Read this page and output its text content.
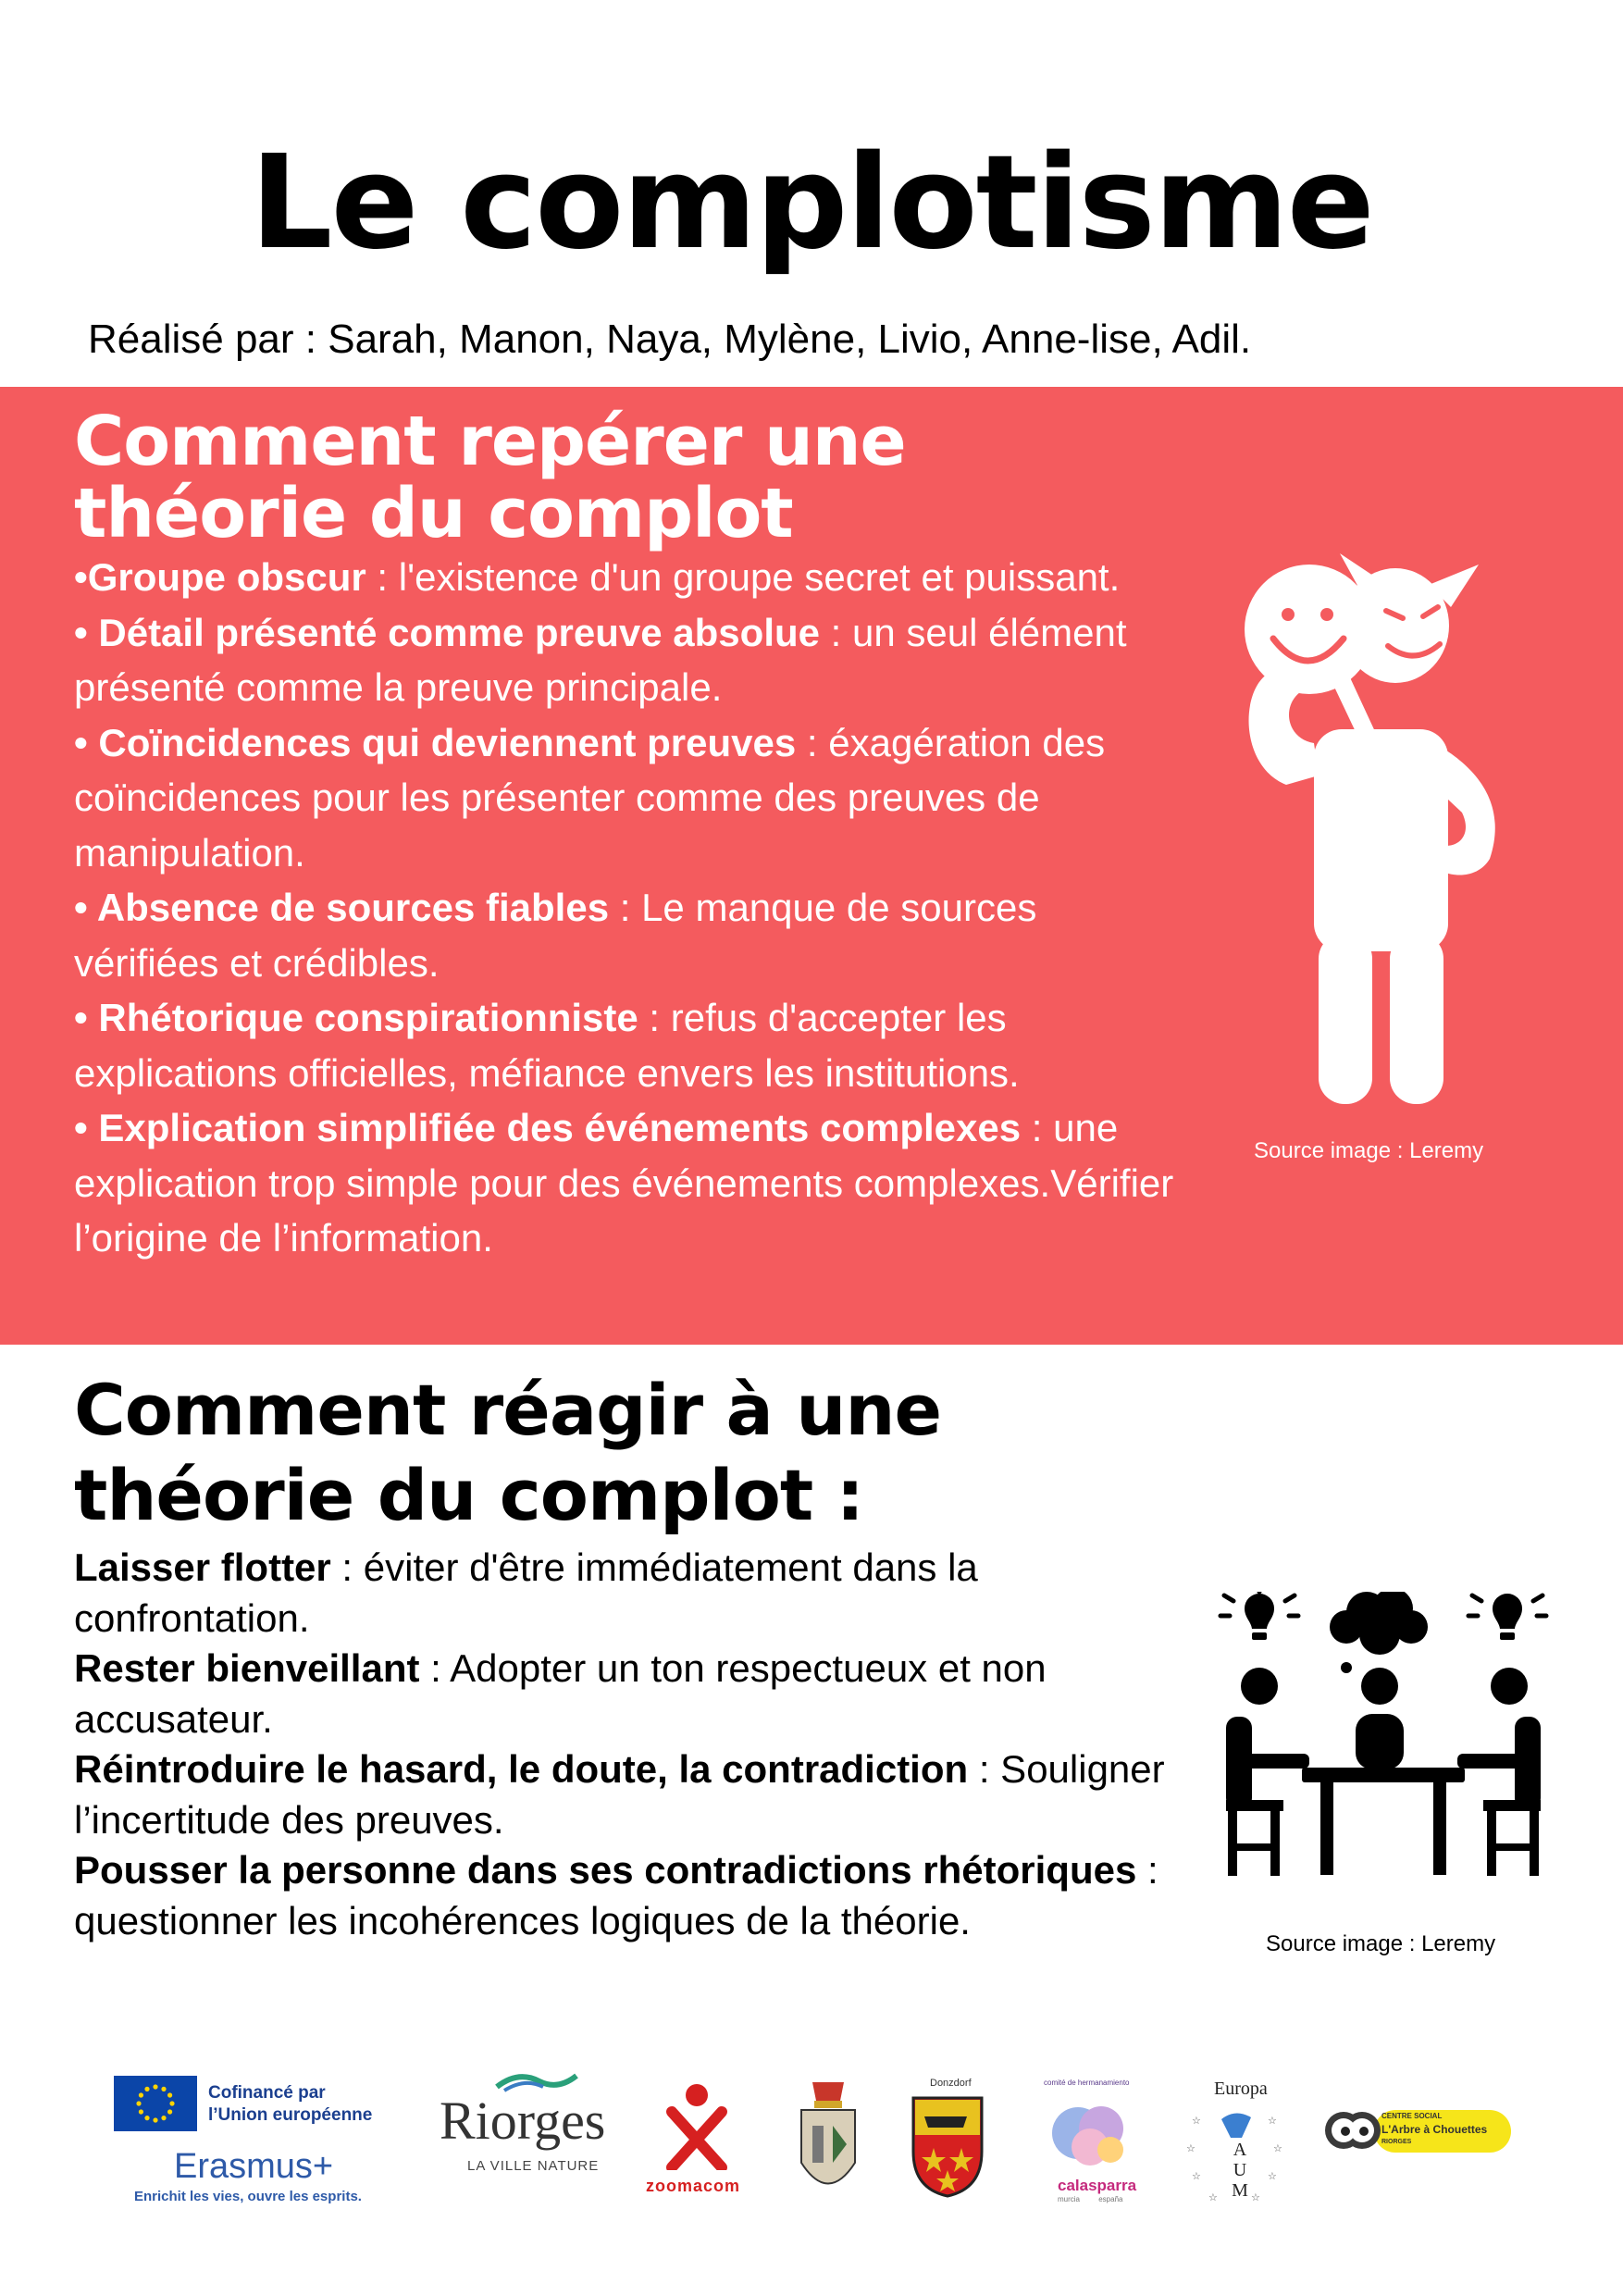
Le complotisme
Réalisé par : Sarah, Manon, Naya, Mylène, Livio, Anne-lise, Adil.
Comment repérer une
théorie du complot

•Groupe obscur : l'existence d'un groupe secret et puissant.

• Détail présenté comme preuve absolue : un seul élément présenté comme la preuve principale.

• Coïncidences qui deviennent preuves : éxagération des coïncidences pour les présenter comme des preuves de manipulation.

• Absence de sources fiables : Le manque de sources vérifiées et crédibles.

• Rhétorique conspirationniste : refus d'accepter les explications officielles, méfiance envers les institutions.

• Explication simplifiée des événements complexes : une explication trop simple pour des événements complexes.Vérifier l’origine de l’information.

Source image : Leremy
Comment réagir à une
théorie du complot :

Laisser flotter : éviter d'être immédiatement dans la confrontation.

Rester bienveillant : Adopter un ton respectueux et non accusateur.

Réintroduire le hasard, le doute, la contradiction : Souligner l’incertitude des preuves.

Pousser la personne dans ses contradictions rhétoriques : questionner les incohérences logiques de la théorie.

Source image : Leremy
Cofinancé par
l’Union européenne
Erasmus+
Enrichit les vies, ouvre les esprits.
Riorges
LA VILLE NATURE
zoomacom
Donzdorf	comité de hermanamiento
calasparra
murcia españa
Europa
☆	☆
☆	☆
☆	☆
☆	☆
A U M
CENTRE SOCIAL
L'Arbre à Chouettes
RIORGES
